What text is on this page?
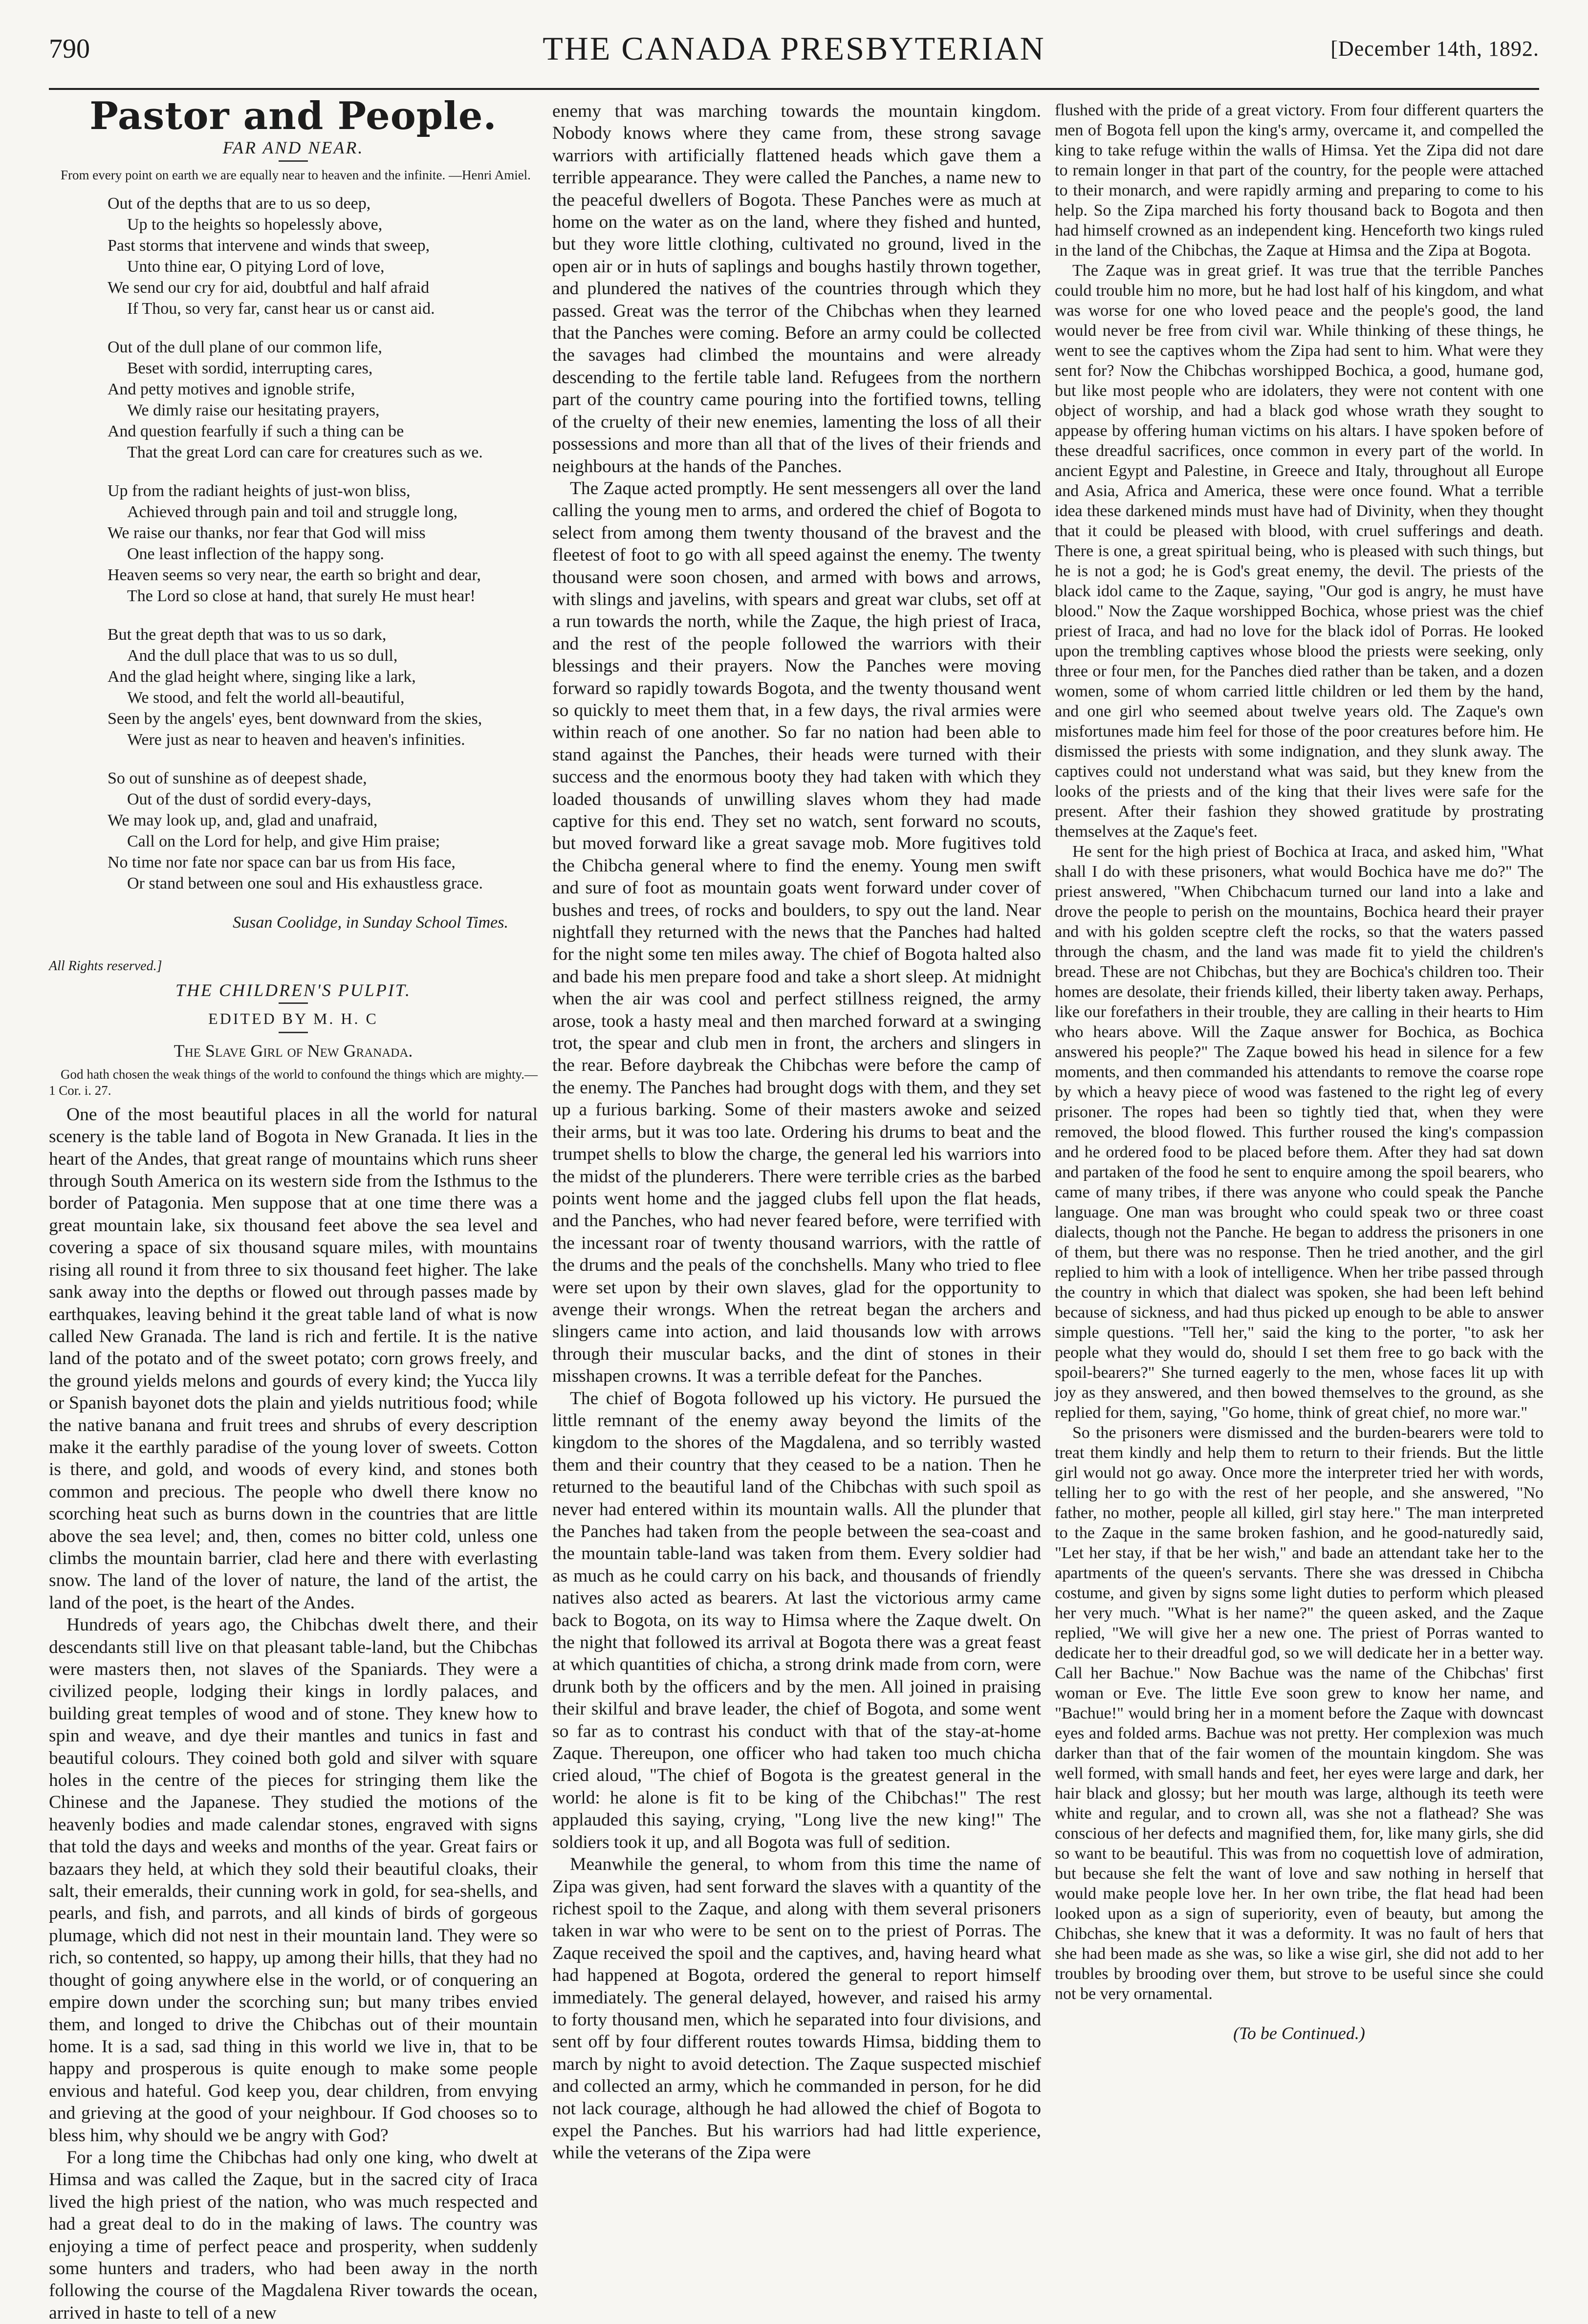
790	THE CANADA PRESBYTERIAN	[December 14th, 1892.
Pastor and People.
FAR AND NEAR.
From every point on earth we are equally near to heaven and the infinite. —Henri Amiel.
Out of the depths that are to us so deep,
Up to the heights so hopelessly above,
Past storms that intervene and winds that sweep,
Unto thine ear, O pitying Lord of love,
We send our cry for aid, doubtful and half afraid
If Thou, so very far, canst hear us or canst aid.
Out of the dull plane of our common life,
Beset with sordid, interrupting cares,
And petty motives and ignoble strife,
We dimly raise our hesitating prayers,
And question fearfully if such a thing can be
That the great Lord can care for creatures such as we.
Up from the radiant heights of just-won bliss,
Achieved through pain and toil and struggle long,
We raise our thanks, nor fear that God will miss
One least inflection of the happy song.
Heaven seems so very near, the earth so bright and dear,
The Lord so close at hand, that surely He must hear!
But the great depth that was to us so dark,
And the dull place that was to us so dull,
And the glad height where, singing like a lark,
We stood, and felt the world all-beautiful,
Seen by the angels' eyes, bent downward from the skies,
Were just as near to heaven and heaven's infinities.
So out of sunshine as of deepest shade,
Out of the dust of sordid every-days,
We may look up, and, glad and unafraid,
Call on the Lord for help, and give Him praise;
No time nor fate nor space can bar us from His face,
Or stand between one soul and His exhaustless grace.
Susan Coolidge, in Sunday School Times.
All Rights reserved.]
THE CHILDREN'S PULPIT.
EDITED BY M. H. C
The Slave Girl of New Granada.
God hath chosen the weak things of the world to confound the things which are mighty.—1 Cor. i. 27.

One of the most beautiful places in all the world for natural scenery is the table land of Bogota in New Granada. It lies in the heart of the Andes, that great range of mountains which runs sheer through South America on its western side from the Isthmus to the border of Patagonia. Men suppose that at one time there was a great mountain lake, six thousand feet above the sea level and covering a space of six thousand square miles, with mountains rising all round it from three to six thousand feet higher. The lake sank away into the depths or flowed out through passes made by earthquakes, leaving behind it the great table land of what is now called New Granada. The land is rich and fertile. It is the native land of the potato and of the sweet potato; corn grows freely, and the ground yields melons and gourds of every kind; the Yucca lily or Spanish bayonet dots the plain and yields nutritious food; while the native banana and fruit trees and shrubs of every description make it the earthly paradise of the young lover of sweets. Cotton is there, and gold, and woods of every kind, and stones both common and precious. The people who dwell there know no scorching heat such as burns down in the countries that are little above the sea level; and, then, comes no bitter cold, unless one climbs the mountain barrier, clad here and there with everlasting snow. The land of the lover of nature, the land of the artist, the land of the poet, is the heart of the Andes.

Hundreds of years ago, the Chibchas dwelt there, and their descendants still live on that pleasant table-land, but the Chibchas were masters then, not slaves of the Spaniards. They were a civilized people, lodging their kings in lordly palaces, and building great temples of wood and of stone. They knew how to spin and weave, and dye their mantles and tunics in fast and beautiful colours. They coined both gold and silver with square holes in the centre of the pieces for stringing them like the Chinese and the Japanese. They studied the motions of the heavenly bodies and made calendar stones, engraved with signs that told the days and weeks and months of the year. Great fairs or bazaars they held, at which they sold their beautiful cloaks, their salt, their emeralds, their cunning work in gold, for sea-shells, and pearls, and fish, and parrots, and all kinds of birds of gorgeous plumage, which did not nest in their mountain land. They were so rich, so contented, so happy, up among their hills, that they had no thought of going anywhere else in the world, or of conquering an empire down under the scorching sun; but many tribes envied them, and longed to drive the Chibchas out of their mountain home. It is a sad, sad thing in this world we live in, that to be happy and prosperous is quite enough to make some people envious and hateful. God keep you, dear children, from envying and grieving at the good of your neighbour. If God chooses so to bless him, why should we be angry with God?

For a long time the Chibchas had only one king, who dwelt at Himsa and was called the Zaque, but in the sacred city of Iraca lived the high priest of the nation, who was much respected and had a great deal to do in the making of laws. The country was enjoying a time of perfect peace and prosperity, when suddenly some hunters and traders, who had been away in the north following the course of the Magdalena River towards the ocean, arrived in haste to tell of a new

enemy that was marching towards the mountain kingdom. Nobody knows where they came from, these strong savage warriors with artificially flattened heads which gave them a terrible appearance. They were called the Panches, a name new to the peaceful dwellers of Bogota. These Panches were as much at home on the water as on the land, where they fished and hunted, but they wore little clothing, cultivated no ground, lived in the open air or in huts of saplings and boughs hastily thrown together, and plundered the natives of the countries through which they passed. Great was the terror of the Chibchas when they learned that the Panches were coming. Before an army could be collected the savages had climbed the mountains and were already descending to the fertile table land. Refugees from the northern part of the country came pouring into the fortified towns, telling of the cruelty of their new enemies, lamenting the loss of all their possessions and more than all that of the lives of their friends and neighbours at the hands of the Panches.

The Zaque acted promptly. He sent messengers all over the land calling the young men to arms, and ordered the chief of Bogota to select from among them twenty thousand of the bravest and the fleetest of foot to go with all speed against the enemy. The twenty thousand were soon chosen, and armed with bows and arrows, with slings and javelins, with spears and great war clubs, set off at a run towards the north, while the Zaque, the high priest of Iraca, and the rest of the people followed the warriors with their blessings and their prayers. Now the Panches were moving forward so rapidly towards Bogota, and the twenty thousand went so quickly to meet them that, in a few days, the rival armies were within reach of one another. So far no nation had been able to stand against the Panches, their heads were turned with their success and the enormous booty they had taken with which they loaded thousands of unwilling slaves whom they had made captive for this end. They set no watch, sent forward no scouts, but moved forward like a great savage mob. More fugitives told the Chibcha general where to find the enemy. Young men swift and sure of foot as mountain goats went forward under cover of bushes and trees, of rocks and boulders, to spy out the land. Near nightfall they returned with the news that the Panches had halted for the night some ten miles away. The chief of Bogota halted also and bade his men prepare food and take a short sleep. At midnight when the air was cool and perfect stillness reigned, the army arose, took a hasty meal and then marched forward at a swinging trot, the spear and club men in front, the archers and slingers in the rear. Before daybreak the Chibchas were before the camp of the enemy. The Panches had brought dogs with them, and they set up a furious barking. Some of their masters awoke and seized their arms, but it was too late. Ordering his drums to beat and the trumpet shells to blow the charge, the general led his warriors into the midst of the plunderers. There were terrible cries as the barbed points went home and the jagged clubs fell upon the flat heads, and the Panches, who had never feared before, were terrified with the incessant roar of twenty thousand warriors, with the rattle of the drums and the peals of the conchshells. Many who tried to flee were set upon by their own slaves, glad for the opportunity to avenge their wrongs. When the retreat began the archers and slingers came into action, and laid thousands low with arrows through their muscular backs, and the dint of stones in their misshapen crowns. It was a terrible defeat for the Panches.

The chief of Bogota followed up his victory. He pursued the little remnant of the enemy away beyond the limits of the kingdom to the shores of the Magdalena, and so terribly wasted them and their country that they ceased to be a nation. Then he returned to the beautiful land of the Chibchas with such spoil as never had entered within its mountain walls. All the plunder that the Panches had taken from the people between the sea-coast and the mountain table-land was taken from them. Every soldier had as much as he could carry on his back, and thousands of friendly natives also acted as bearers. At last the victorious army came back to Bogota, on its way to Himsa where the Zaque dwelt. On the night that followed its arrival at Bogota there was a great feast at which quantities of chicha, a strong drink made from corn, were drunk both by the officers and by the men. All joined in praising their skilful and brave leader, the chief of Bogota, and some went so far as to contrast his conduct with that of the stay-at-home Zaque. Thereupon, one officer who had taken too much chicha cried aloud, "The chief of Bogota is the greatest general in the world: he alone is fit to be king of the Chibchas!" The rest applauded this saying, crying, "Long live the new king!" The soldiers took it up, and all Bogota was full of sedition.

Meanwhile the general, to whom from this time the name of Zipa was given, had sent forward the slaves with a quantity of the richest spoil to the Zaque, and along with them several prisoners taken in war who were to be sent on to the priest of Porras. The Zaque received the spoil and the captives, and, having heard what had happened at Bogota, ordered the general to report himself immediately. The general delayed, however, and raised his army to forty thousand men, which he separated into four divisions, and sent off by four different routes towards Himsa, bidding them to march by night to avoid detection. The Zaque suspected mischief and collected an army, which he commanded in person, for he did not lack courage, although he had allowed the chief of Bogota to expel the Panches. But his warriors had had little experience, while the veterans of the Zipa were

flushed with the pride of a great victory. From four different quarters the men of Bogota fell upon the king's army, overcame it, and compelled the king to take refuge within the walls of Himsa. Yet the Zipa did not dare to remain longer in that part of the country, for the people were attached to their monarch, and were rapidly arming and preparing to come to his help. So the Zipa marched his forty thousand back to Bogota and then had himself crowned as an independent king. Henceforth two kings ruled in the land of the Chibchas, the Zaque at Himsa and the Zipa at Bogota.

The Zaque was in great grief. It was true that the terrible Panches could trouble him no more, but he had lost half of his kingdom, and what was worse for one who loved peace and the people's good, the land would never be free from civil war. While thinking of these things, he went to see the captives whom the Zipa had sent to him. What were they sent for? Now the Chibchas worshipped Bochica, a good, humane god, but like most people who are idolaters, they were not content with one object of worship, and had a black god whose wrath they sought to appease by offering human victims on his altars. I have spoken before of these dreadful sacrifices, once common in every part of the world. In ancient Egypt and Palestine, in Greece and Italy, throughout all Europe and Asia, Africa and America, these were once found. What a terrible idea these darkened minds must have had of Divinity, when they thought that it could be pleased with blood, with cruel sufferings and death. There is one, a great spiritual being, who is pleased with such things, but he is not a god; he is God's great enemy, the devil. The priests of the black idol came to the Zaque, saying, "Our god is angry, he must have blood." Now the Zaque worshipped Bochica, whose priest was the chief priest of Iraca, and had no love for the black idol of Porras. He looked upon the trembling captives whose blood the priests were seeking, only three or four men, for the Panches died rather than be taken, and a dozen women, some of whom carried little children or led them by the hand, and one girl who seemed about twelve years old. The Zaque's own misfortunes made him feel for those of the poor creatures before him. He dismissed the priests with some indignation, and they slunk away. The captives could not understand what was said, but they knew from the looks of the priests and of the king that their lives were safe for the present. After their fashion they showed gratitude by prostrating themselves at the Zaque's feet.

He sent for the high priest of Bochica at Iraca, and asked him, "What shall I do with these prisoners, what would Bochica have me do?" The priest answered, "When Chibchacum turned our land into a lake and drove the people to perish on the mountains, Bochica heard their prayer and with his golden sceptre cleft the rocks, so that the waters passed through the chasm, and the land was made fit to yield the children's bread. These are not Chibchas, but they are Bochica's children too. Their homes are desolate, their friends killed, their liberty taken away. Perhaps, like our forefathers in their trouble, they are calling in their hearts to Him who hears above. Will the Zaque answer for Bochica, as Bochica answered his people?" The Zaque bowed his head in silence for a few moments, and then commanded his attendants to remove the coarse rope by which a heavy piece of wood was fastened to the right leg of every prisoner. The ropes had been so tightly tied that, when they were removed, the blood flowed. This further roused the king's compassion and he ordered food to be placed before them. After they had sat down and partaken of the food he sent to enquire among the spoil bearers, who came of many tribes, if there was anyone who could speak the Panche language. One man was brought who could speak two or three coast dialects, though not the Panche. He began to address the prisoners in one of them, but there was no response. Then he tried another, and the girl replied to him with a look of intelligence. When her tribe passed through the country in which that dialect was spoken, she had been left behind because of sickness, and had thus picked up enough to be able to answer simple questions. "Tell her," said the king to the porter, "to ask her people what they would do, should I set them free to go back with the spoil-bearers?" She turned eagerly to the men, whose faces lit up with joy as they answered, and then bowed themselves to the ground, as she replied for them, saying, "Go home, think of great chief, no more war."

So the prisoners were dismissed and the burden-bearers were told to treat them kindly and help them to return to their friends. But the little girl would not go away. Once more the interpreter tried her with words, telling her to go with the rest of her people, and she answered, "No father, no mother, people all killed, girl stay here." The man interpreted to the Zaque in the same broken fashion, and he good-naturedly said, "Let her stay, if that be her wish," and bade an attendant take her to the apartments of the queen's servants. There she was dressed in Chibcha costume, and given by signs some light duties to perform which pleased her very much. "What is her name?" the queen asked, and the Zaque replied, "We will give her a new one. The priest of Porras wanted to dedicate her to their dreadful god, so we will dedicate her in a better way. Call her Bachue." Now Bachue was the name of the Chibchas' first woman or Eve. The little Eve soon grew to know her name, and "Bachue!" would bring her in a moment before the Zaque with downcast eyes and folded arms. Bachue was not pretty. Her complexion was much darker than that of the fair women of the mountain kingdom. She was well formed, with small hands and feet, her eyes were large and dark, her hair black and glossy; but her mouth was large, although its teeth were white and regular, and to crown all, was she not a flathead? She was conscious of her defects and magnified them, for, like many girls, she did so want to be beautiful. This was from no coquettish love of admiration, but because she felt the want of love and saw nothing in herself that would make people love her. In her own tribe, the flat head had been looked upon as a sign of superiority, even of beauty, but among the Chibchas, she knew that it was a deformity. It was no fault of hers that she had been made as she was, so like a wise girl, she did not add to her troubles by brooding over them, but strove to be useful since she could not be very ornamental.

(To be Continued.)
